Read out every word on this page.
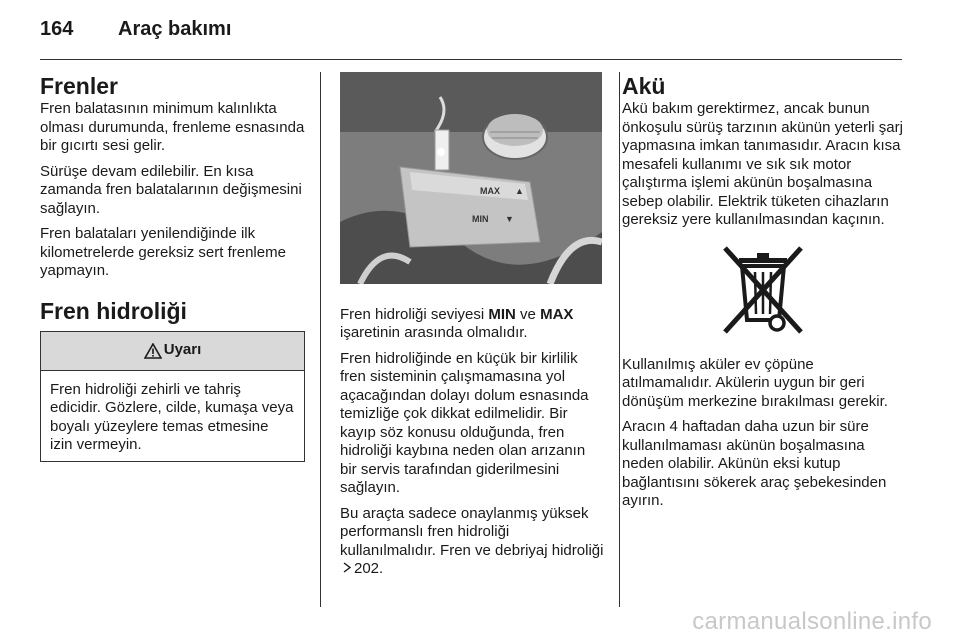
164 Araç bakımı
Frenler

Fren balatasının minimum kalınlıkta olması durumunda, frenleme esnasında bir gıcırtı sesi gelir.

Sürüşe devam edilebilir. En kısa zamanda fren balatalarının değişmesini sağlayın.

Fren balataları yenilendiğinde ilk kilometrelerde gereksiz sert frenleme yapmayın.

Fren hidroliği
Uyarı
Fren hidroliği zehirli ve tahriş edicidir. Gözlere, cilde, kumaşa veya boyalı yüzeylere temas etmesine izin vermeyin.
MAX ▲
MIN ▼

Fren hidroliği seviyesi MIN ve MAX işaretinin arasında olmalıdır.

Fren hidroliğinde en küçük bir kirlilik fren sisteminin çalışmamasına yol açacağından dolayı dolum esnasında temizliğe çok dikkat edilmelidir. Bir kayıp söz konusu olduğunda, fren hidroliği kaybına neden olan arızanın bir servis tarafından giderilmesini sağlayın.

Bu araçta sadece onaylanmış yüksek performanslı fren hidroliği kullanılmalıdır. Fren ve debriyaj hidroliği202.

Akü

Akü bakım gerektirmez, ancak bunun önkoşulu sürüş tarzının akünün yeterli şarj yapmasına imkan tanımasıdır. Aracın kısa mesafeli kullanımı ve sık sık motor çalıştırma işlemi akünün boşalmasına sebep olabilir. Elektrik tüketen cihazların gereksiz yere kullanılmasından kaçının.

Kullanılmış aküler ev çöpüne atılmamalıdır. Akülerin uygun bir geri dönüşüm merkezine bırakılması gerekir.

Aracın 4 haftadan daha uzun bir süre kullanılmaması akünün boşalmasına neden olabilir. Akünün eksi kutup bağlantısını sökerek araç şebekesinden ayırın.

carmanualsonline.info
